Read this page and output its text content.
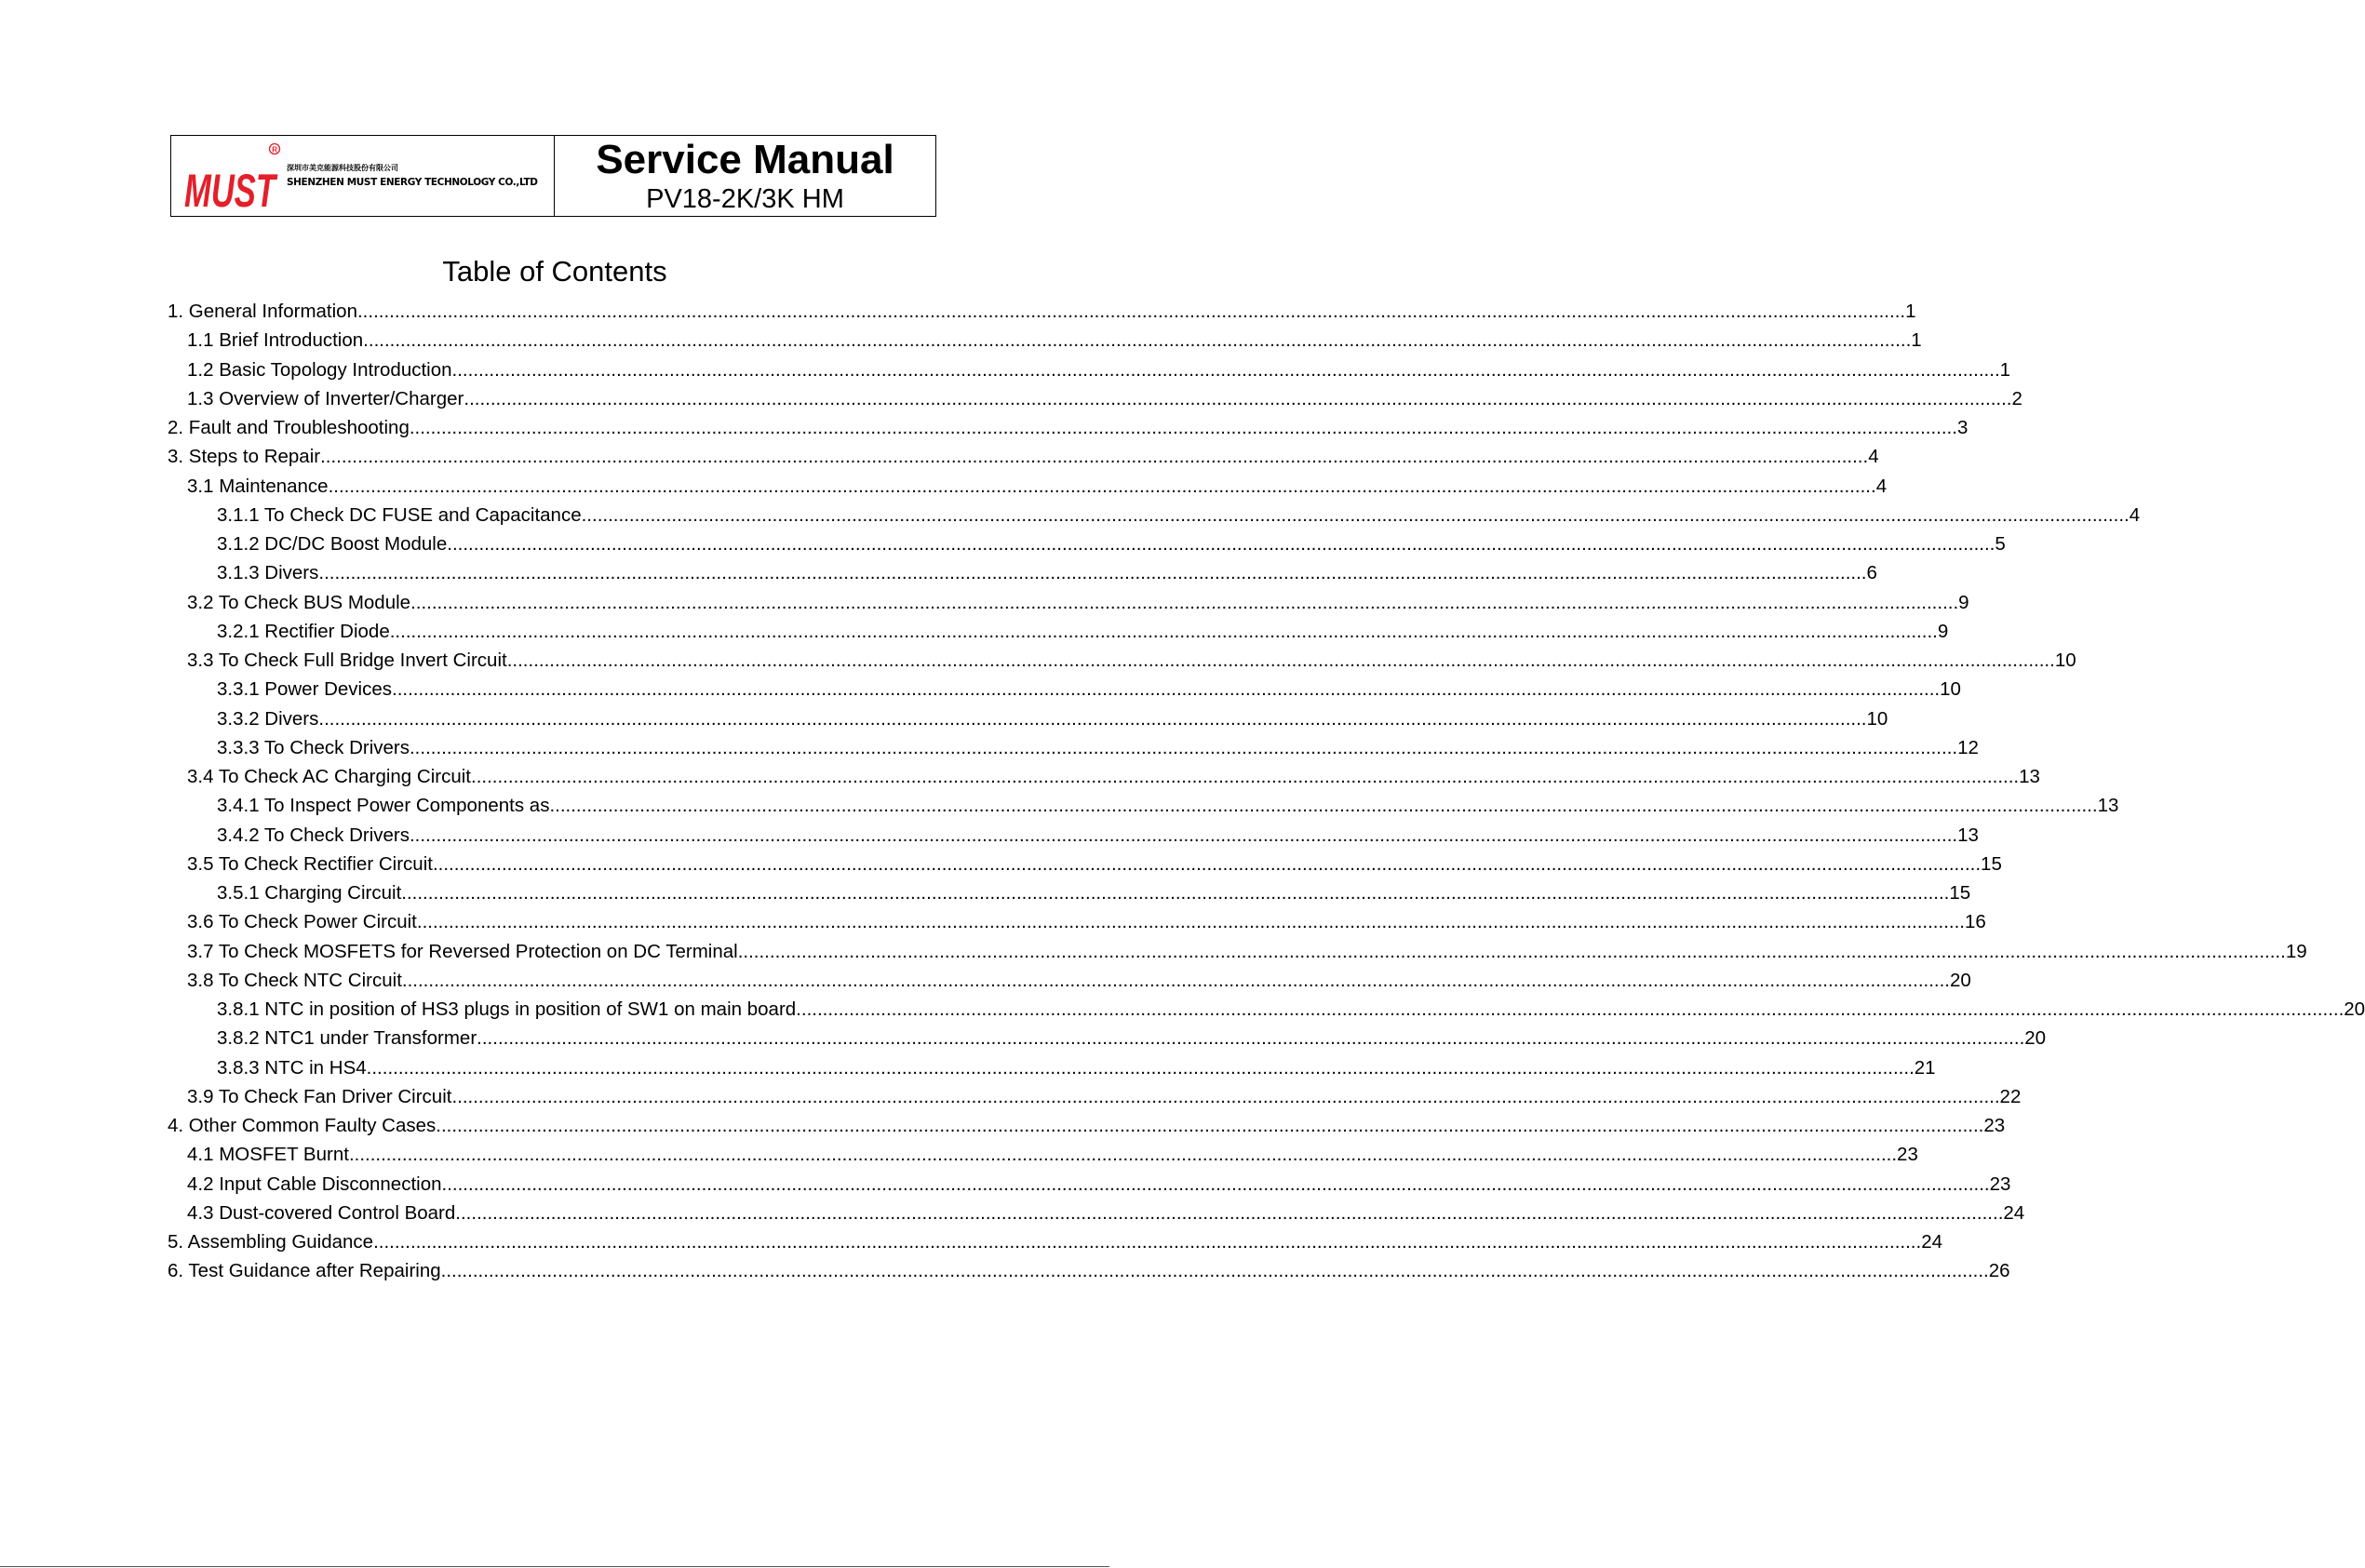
MUST
R
深圳市美克能源科技股份有限公司
SHENZHEN MUST ENERGY TECHNOLOGY CO.,LTD
Service Manual
PV18-2K/3K HM
Table of Contents
1. General Information .....	1
1.1 Brief Introduction .....	1
1.2 Basic Topology Introduction .....	1
1.3 Overview of Inverter/Charger .....	2
2. Fault and Troubleshooting .....	3
3. Steps to Repair .....	4
3.1 Maintenance .....	4
3.1.1 To Check DC FUSE and Capacitance .....	4
3.1.2 DC/DC Boost Module .....	5
3.1.3 Divers .....	6
3.2 To Check BUS Module .....	9
3.2.1 Rectifier Diode .....	9
3.3 To Check Full Bridge Invert Circuit .....	10
3.3.1 Power Devices .....	10
3.3.2 Divers .....	10
3.3.3 To Check Drivers .....	12
3.4 To Check AC Charging Circuit .....	13
3.4.1 To Inspect Power Components as .....	13
3.4.2 To Check Drivers .....	13
3.5 To Check Rectifier Circuit .....	15
3.5.1 Charging Circuit .....	15
3.6 To Check Power Circuit .....	16
3.7 To Check MOSFETS for Reversed Protection on DC Terminal .....	19
3.8 To Check NTC Circuit .....	20
3.8.1 NTC in position of HS3 plugs in position of SW1 on main board .....	20
3.8.2 NTC1 under Transformer .....	20
3.8.3 NTC in HS4 .....	21
3.9 To Check Fan Driver Circuit .....	22
4. Other Common Faulty Cases .....	23
4.1 MOSFET Burnt .....	23
4.2 Input Cable Disconnection .....	23
4.3 Dust-covered Control Board .....	24
5. Assembling Guidance .....	24
6. Test Guidance after Repairing .....	26
